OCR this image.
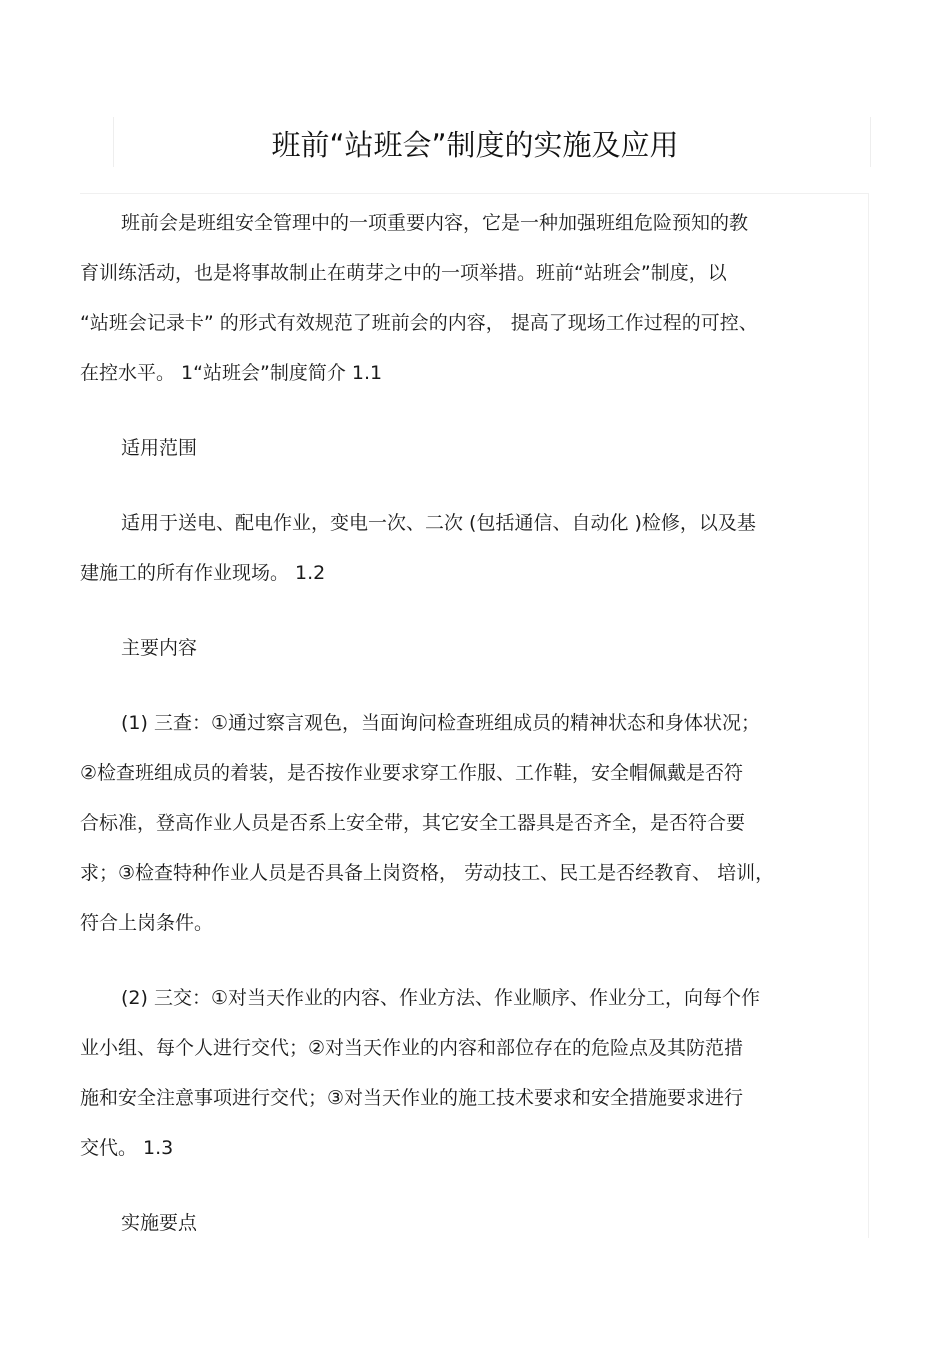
班前“站班会”制度的实施及应用
班前会是班组安全管理中的一项重要内容，它是一种加强班组危险预知的教
育训练活动，也是将事故制止在萌芽之中的一项举措。班前“站班会”制度，以
“站班会记录卡” 的形式有效规范了班前会的内容， 提高了现场工作过程的可控、
在控水平。 1“站班会”制度简介 1.1
适用范围
适用于送电、配电作业，变电一次、二次 (包括通信、自动化 )检修，以及基
建施工的所有作业现场。 1.2
主要内容
(1) 三查：①通过察言观色，当面询问检查班组成员的精神状态和身体状况；
②检查班组成员的着装，是否按作业要求穿工作服、工作鞋，安全帽佩戴是否符
合标准，登高作业人员是否系上安全带，其它安全工器具是否齐全，是否符合要
求；③检查特种作业人员是否具备上岗资格， 劳动技工、民工是否经教育、 培训，
符合上岗条件。
(2) 三交：①对当天作业的内容、作业方法、作业顺序、作业分工，向每个作
业小组、每个人进行交代；②对当天作业的内容和部位存在的危险点及其防范措
施和安全注意事项进行交代；③对当天作业的施工技术要求和安全措施要求进行
交代。 1.3
实施要点
